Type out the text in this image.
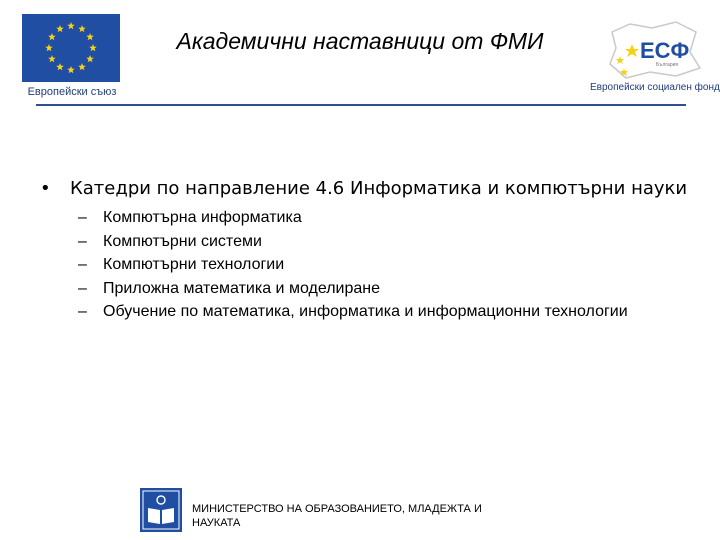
Европейски съюз
Академични наставници от ФМИ	ЕСФ
България
Европейски социален фонд
• Катедри по направление 4.6 Информатика и компютърни науки
– Компютърна информатика
– Компютърни системи
– Компютърни технологии
– Приложна математика и моделиране
– Обучение по математика, информатика и информационни технологии
МИНИСТЕРСТВО НА ОБРАЗОВАНИЕТО, МЛАДЕЖТА И НАУКАТА
